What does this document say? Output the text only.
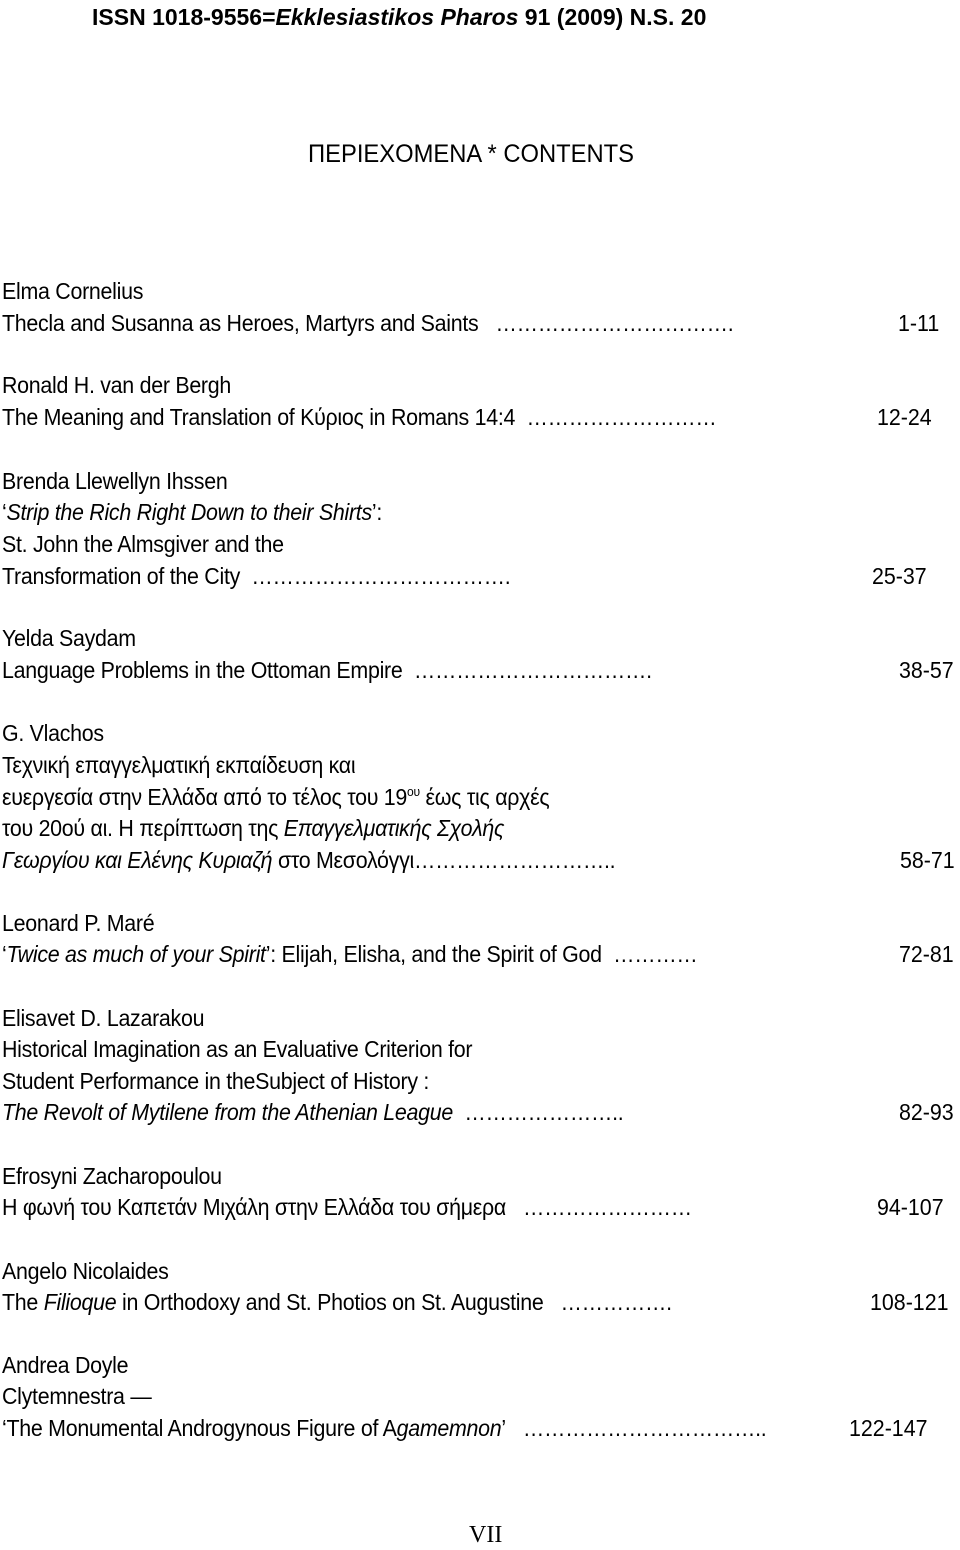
ISSN 1018-9556=Ekklesiastikos Pharos 91 (2009) N.S. 20
ΠΕΡΙΕΧΟΜΕΝΑ * CONTENTS
Elma Cornelius
Thecla and Susanna as Heroes, Martyrs and Saints …………………………….	1-11
Ronald H. van der Bergh
The Meaning and Translation of Κύριος in Romans 14:4 ………………………	12-24
Brenda Llewellyn Ihssen
‘Strip the Rich Right Down to their Shirts’:
St. John the Almsgiver and the
Transformation of the City ……………………………….	25-37
Yelda Saydam
Language Problems in the Ottoman Empire …………………………….	38-57
G. Vlachos
Τεχνική επαγγελματική εκπαίδευση και
ευεργεσία στην Ελλάδα από το τέλος του $19^{o\upsilon}$ έως τις αρχές
του 20ού αι. Η περίπτωση της Επαγγελματικής Σχολής
Γεωργίου και Ελένης Κυριαζή στο Μεσολόγγι………………………..	58-71
Leonard P. Maré
‘Twice as much of your Spirit’: Elijah, Elisha, and the Spirit of God …………	72-81
Elisavet D. Lazarakou
Historical Imagination as an Evaluative Criterion for
Student Performance in theSubject of History :
The Revolt of Mytilene from the Athenian League …………………..	82-93
Efrosyni Zacharopoulou
Η φωνή του Καπετάν Μιχάλη στην Ελλάδα του σήμερα ……………………	94-107
Angelo Nicolaides
The Filioque in Orthodoxy and St. Photios on St. Augustine …………….	108-121
Andrea Doyle
Clytemnestra —
‘The Monumental Androgynous Figure of Agamemnon’ ……………………………..	122-147
VII
